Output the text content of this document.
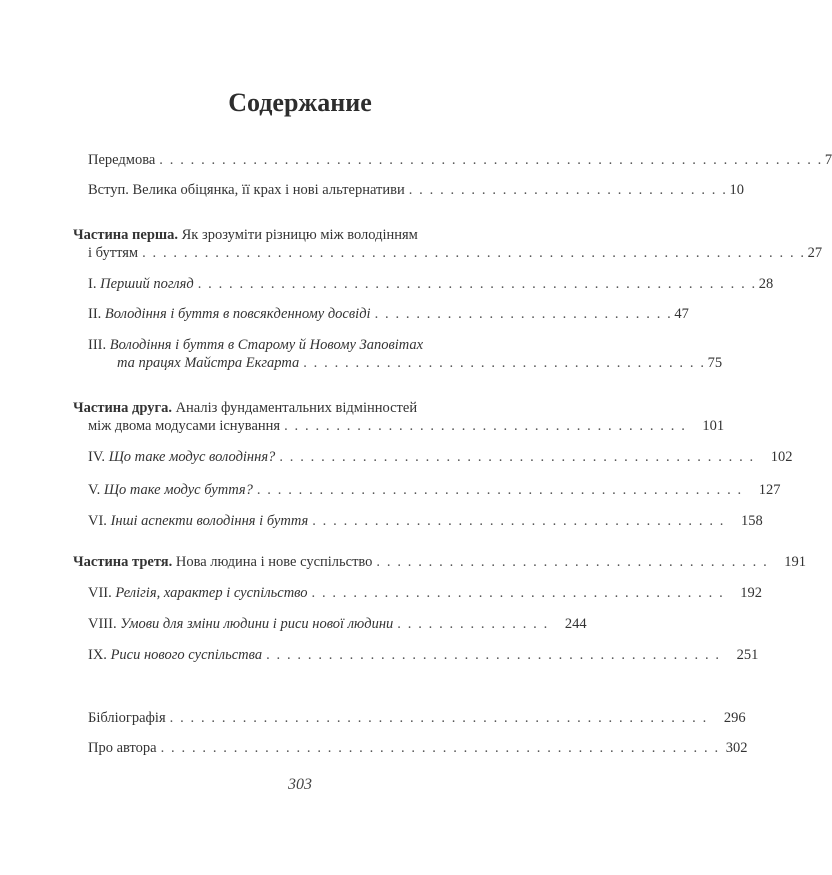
Содержание
Передмова . . . . . . . . . . . . . . . . . . . . . . . . . . . . . . . . . . . . . . . . . . . . . . . . . . . . . . . . . . . . . . . . 7
Вступ. Велика обіцянка, її крах і нові альтернативи . . . . . . . . . . . . . . . . . . . . . . . . . . . . . . . 10
Частина перша. Як зрозуміти різницю між володінням
і буттям . . . . . . . . . . . . . . . . . . . . . . . . . . . . . . . . . . . . . . . . . . . . . . . . . . . . . . . . . . . . . . . . 27
I.
Перший погляд . . . . . . . . . . . . . . . . . . . . . . . . . . . . . . . . . . . . . . . . . . . . . . . . . . . . . . 28
II.
Володіння і буття в повсякденному досвіді . . . . . . . . . . . . . . . . . . . . . . . . . . . . . 47
III. Володіння і буття в Старому й Новому Заповітах
та працях Майстра Екгарта . . . . . . . . . . . . . . . . . . . . . . . . . . . . . . . . . . . . . . . 75
Частина друга. Аналіз фундаментальних відмінностей
між двома модусами існування . . . . . . . . . . . . . . . . . . . . . . . . . . . . . . . . . . . . . . . 101
IV.
Що таке модус володіння? . . . . . . . . . . . . . . . . . . . . . . . . . . . . . . . . . . . . . . . . . . . . . . 102
V.
Що таке модус буття? . . . . . . . . . . . . . . . . . . . . . . . . . . . . . . . . . . . . . . . . . . . . . . . 127
VI.
Інші аспекти володіння і буття . . . . . . . . . . . . . . . . . . . . . . . . . . . . . . . . . . . . . . . . 158
Частина третя.
Нова людина і нове суспільство . . . . . . . . . . . . . . . . . . . . . . . . . . . . . . . . . . . . . . 191
VII.
Релігія, характер і суспільство . . . . . . . . . . . . . . . . . . . . . . . . . . . . . . . . . . . . . . . . 192
VIII.
Умови для зміни людини і риси нової людини . . . . . . . . . . . . . . . 244
IX.
Риси нового суспільства . . . . . . . . . . . . . . . . . . . . . . . . . . . . . . . . . . . . . . . . . . . . 251
Бібліографія . . . . . . . . . . . . . . . . . . . . . . . . . . . . . . . . . . . . . . . . . . . . . . . . . . . . 296
Про автора . . . . . . . . . . . . . . . . . . . . . . . . . . . . . . . . . . . . . . . . . . . . . . . . . . . . . . 302
303
